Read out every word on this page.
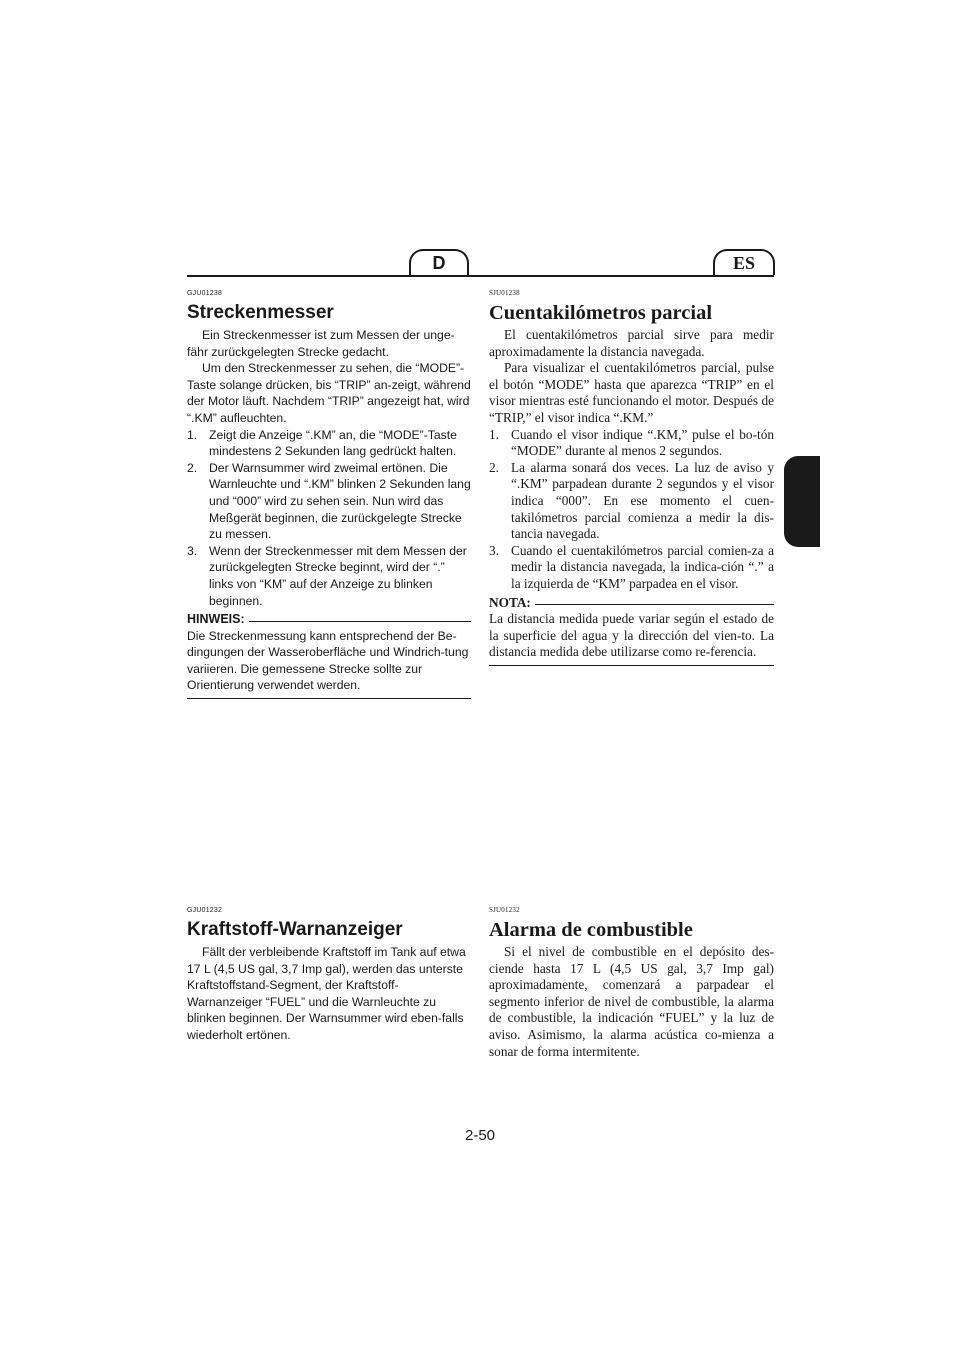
D	ES

GJU01238

Streckenmesser

Ein Streckenmesser ist zum Messen der unge-fähr zurückgelegten Strecke gedacht.

Um den Streckenmesser zu sehen, die “MODE”-Taste solange drücken, bis “TRIP” an-zeigt, während der Motor läuft. Nachdem “TRIP” angezeigt hat, wird “.KM” aufleuchten.

1. Zeigt die Anzeige “.KM” an, die “MODE”-Taste mindestens 2 Sekunden lang gedrückt halten.
2. Der Warnsummer wird zweimal ertönen. Die Warnleuchte und “.KM” blinken 2 Sekunden lang und “000” wird zu sehen sein. Nun wird das Meßgerät beginnen, die zurückgelegte Strecke zu messen.
3. Wenn der Streckenmesser mit dem Messen der zurückgelegten Strecke beginnt, wird der “.” links von “KM” auf der Anzeige zu blinken beginnen.
HINWEIS:

Die Streckenmessung kann entsprechend der Be-dingungen der Wasseroberfläche und Windrich-tung variieren. Die gemessene Strecke sollte zur Orientierung verwendet werden.

SJU01238

Cuentakilómetros parcial

El cuentakilómetros parcial sirve para medir aproximadamente la distancia navegada.

Para visualizar el cuentakilómetros parcial, pulse el botón “MODE” hasta que aparezca “TRIP” en el visor mientras esté funcionando el motor. Después de “TRIP,” el visor indica “.KM.”

1. Cuando el visor indique “.KM,” pulse el bo-tón “MODE” durante al menos 2 segundos.
2. La alarma sonará dos veces. La luz de aviso y “.KM” parpadean durante 2 segundos y el visor indica “000”. En ese momento el cuen-takilómetros parcial comienza a medir la dis-tancia navegada.
3. Cuando el cuentakilómetros parcial comien-za a medir la distancia navegada, la indica-ción “.” a la izquierda de “KM” parpadea en el visor.
NOTA:

La distancia medida puede variar según el estado de la superficie del agua y la dirección del vien-to. La distancia medida debe utilizarse como re-ferencia.

GJU01232

Kraftstoff-Warnanzeiger

Fällt der verbleibende Kraftstoff im Tank auf etwa 17 L (4,5 US gal, 3,7 Imp gal), werden das unterste Kraftstoffstand-Segment, der Kraftstoff-Warnanzeiger “FUEL” und die Warnleuchte zu blinken beginnen. Der Warnsummer wird eben-falls wiederholt ertönen.

SJU01232

Alarma de combustible

Si el nivel de combustible en el depósito des-ciende hasta 17 L (4,5 US gal, 3,7 Imp gal) aproximadamente, comenzará a parpadear el segmento inferior de nivel de combustible, la alarma de combustible, la indicación “FUEL” y la luz de aviso. Asimismo, la alarma acústica co-mienza a sonar de forma intermitente.

2-50
